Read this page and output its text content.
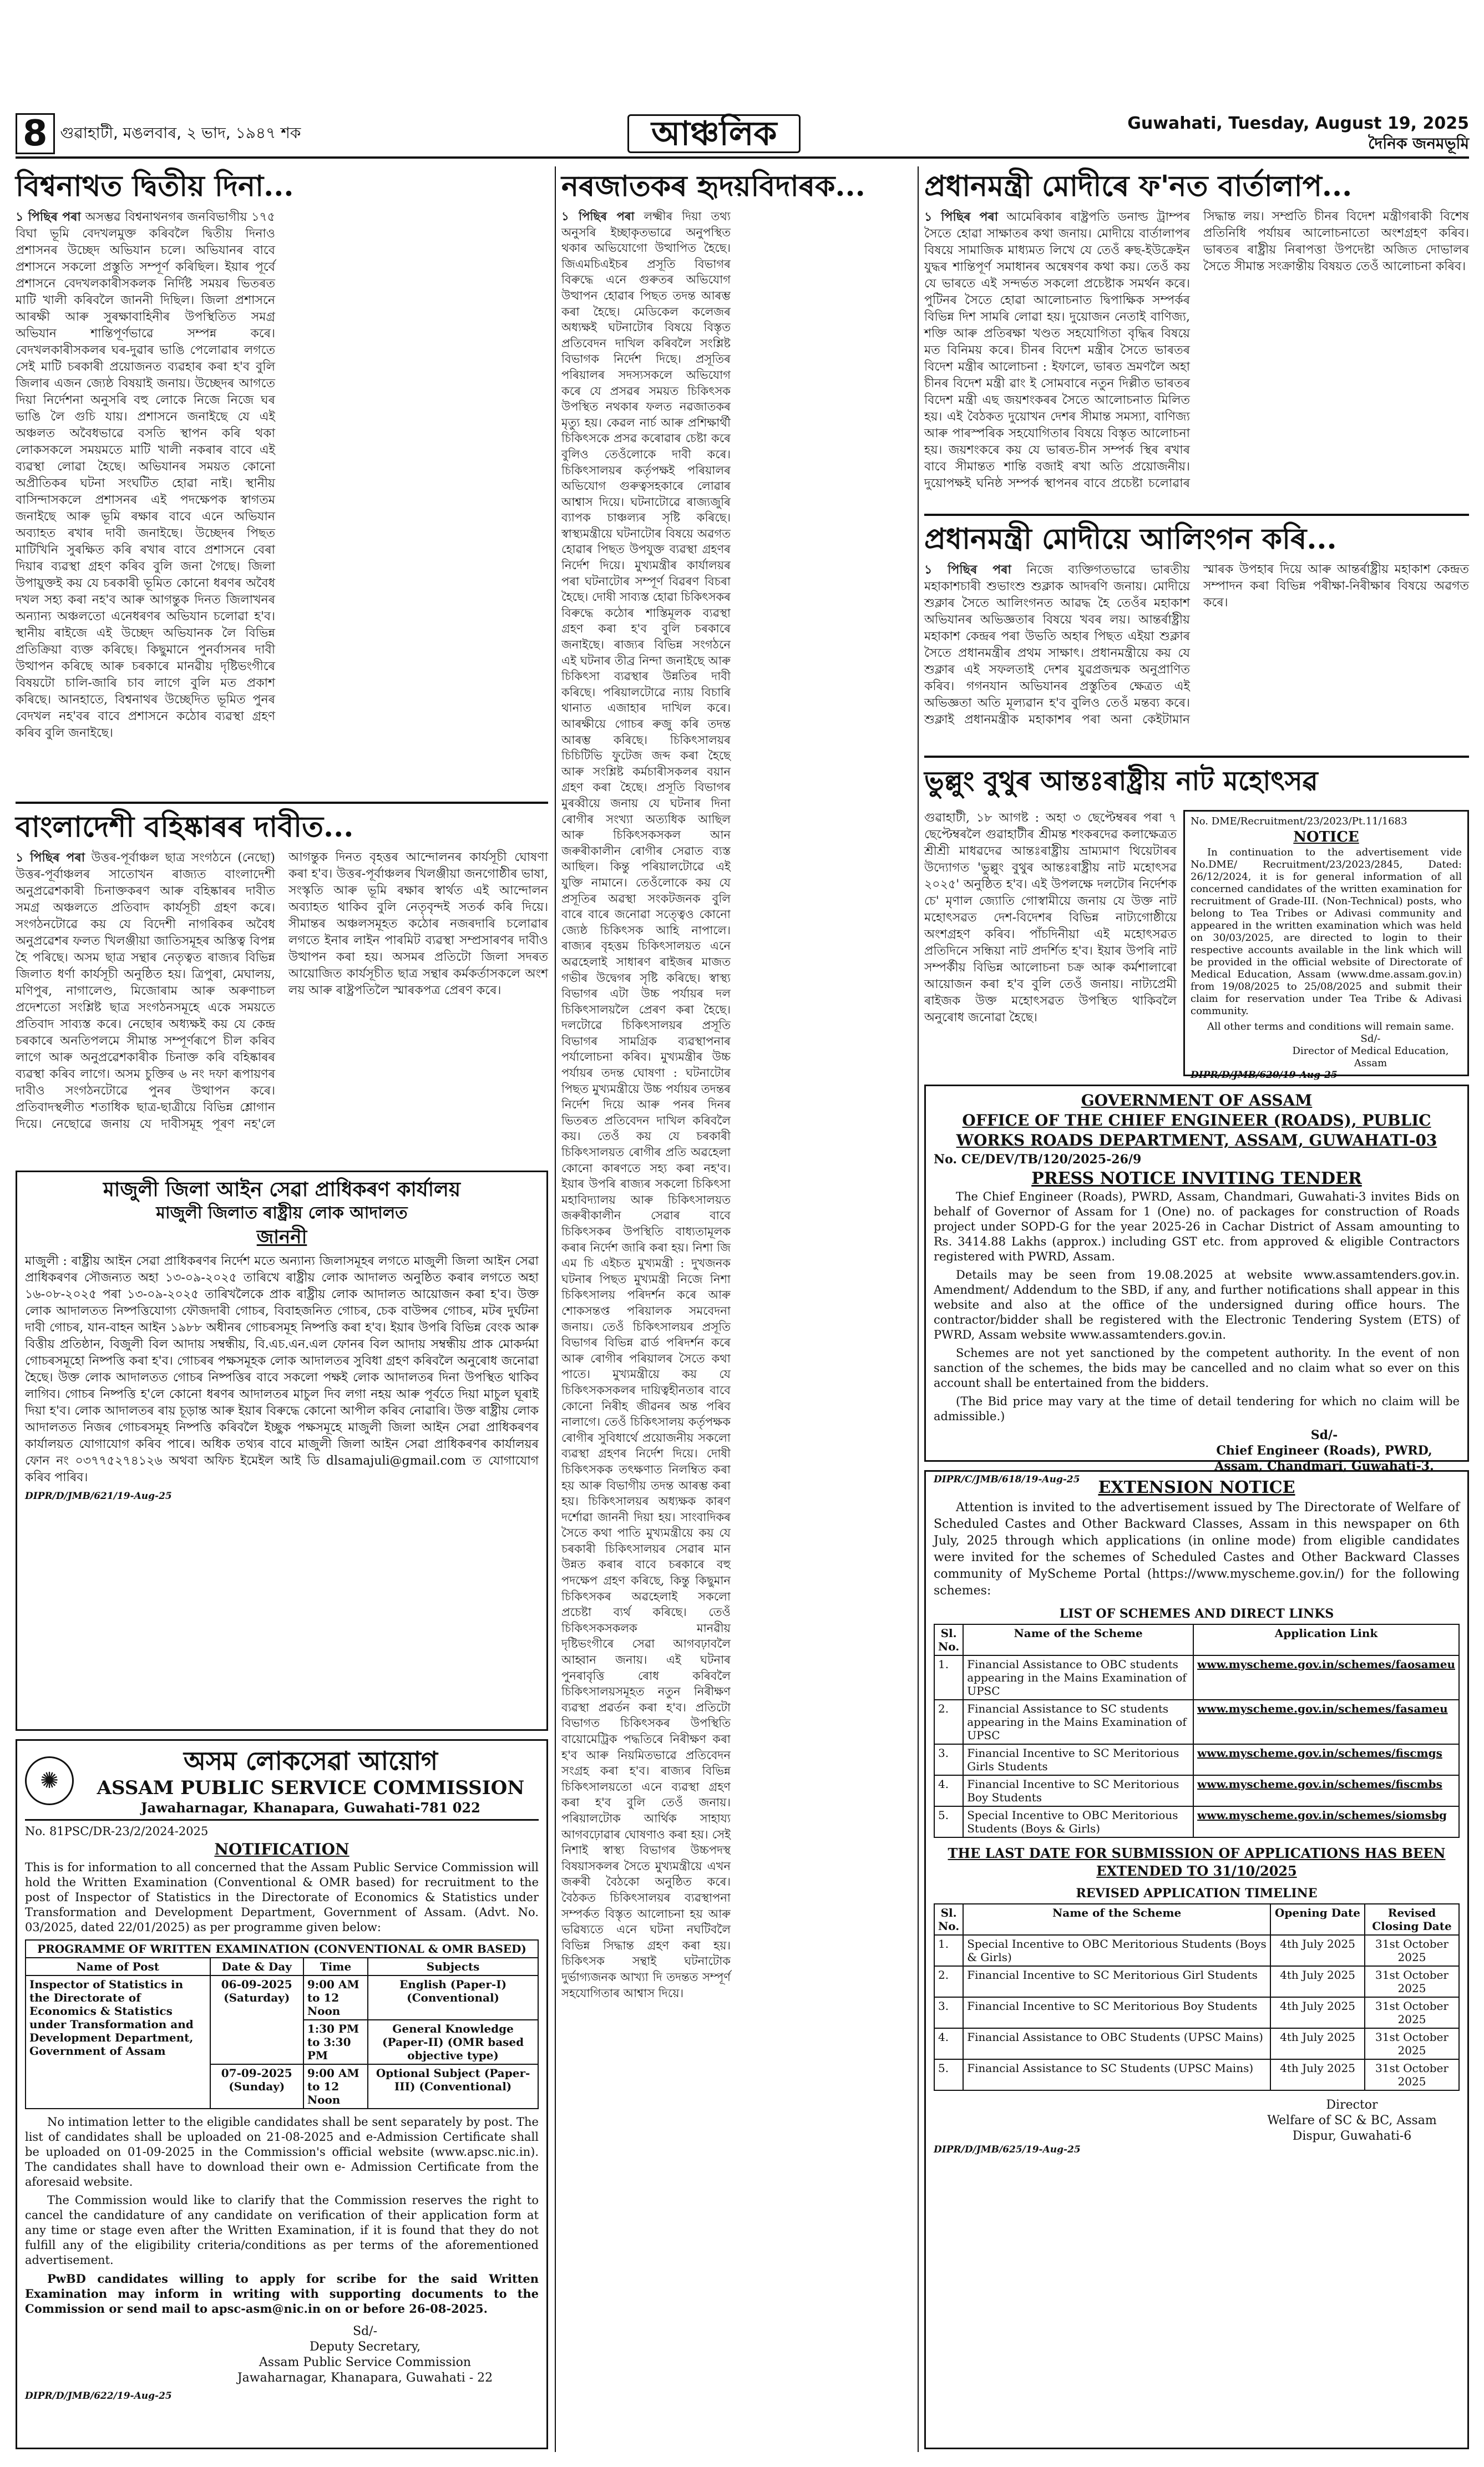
8 গুৱাহাটী, মঙলবাৰ, ২ ভাদ, ১৯৪৭ শক	আঞ্চলিক	Guwahati, Tuesday, August 19, 2025
দৈনিক জনমভূমি
বিশ্বনাথত দ্বিতীয় দিনা...
১ পিছিৰ পৰা অসম্ভৱ বিশ্বনাথনগৰ জনবিভাগীয় ১৭৫ বিঘা ভূমি বেদখলমুক্ত কৰিবলৈ দ্বিতীয় দিনাও প্ৰশাসনৰ উচ্ছেদ অভিযান চলে। অভিযানৰ বাবে প্ৰশাসনে সকলো প্ৰস্তুতি সম্পূৰ্ণ কৰিছিল। ইয়াৰ পূৰ্বে প্ৰশাসনে বেদখলকাৰীসকলক নিৰ্দিষ্ট সময়ৰ ভিতৰত মাটি খালী কৰিবলৈ জাননী দিছিল। জিলা প্ৰশাসনে আৰক্ষী আৰু সুৰক্ষাবাহিনীৰ উপস্থিতিত সমগ্ৰ অভিযান শান্তিপূৰ্ণভাৱে সম্পন্ন কৰে। বেদখলকাৰীসকলৰ ঘৰ-দুৱাৰ ভাঙি পেলোৱাৰ লগতে সেই মাটি চৰকাৰী প্ৰয়োজনত ব্যৱহাৰ কৰা হ'ব বুলি জিলাৰ এজন জ্যেষ্ঠ বিষয়াই জনায়। উচ্ছেদৰ আগতে দিয়া নিৰ্দেশনা অনুসৰি বহু লোকে নিজে নিজে ঘৰ ভাঙি লৈ গুচি যায়। প্ৰশাসনে জনাইছে যে এই অঞ্চলত অবৈধভাৱে বসতি স্থাপন কৰি থকা লোকসকলে সময়মতে মাটি খালী নকৰাৰ বাবে এই ব্যৱস্থা লোৱা হৈছে। অভিযানৰ সময়ত কোনো অপ্ৰীতিকৰ ঘটনা সংঘটিত হোৱা নাই। স্থানীয় বাসিন্দাসকলে প্ৰশাসনৰ এই পদক্ষেপক স্বাগতম জনাইছে আৰু ভূমি ৰক্ষাৰ বাবে এনে অভিযান অব্যাহত ৰখাৰ দাবী জনাইছে। উচ্ছেদৰ পিছত মাটিখিনি সুৰক্ষিত কৰি ৰখাৰ বাবে প্ৰশাসনে বেৰা দিয়াৰ ব্যৱস্থা গ্ৰহণ কৰিব বুলি জনা গৈছে। জিলা উপায়ুক্তই কয় যে চৰকাৰী ভূমিত কোনো ধৰণৰ অবৈধ দখল সহ্য কৰা নহ'ব আৰু আগন্তুক দিনত জিলাখনৰ অন্যান্য অঞ্চলতো এনেধৰণৰ অভিযান চলোৱা হ'ব। স্থানীয় ৰাইজে এই উচ্ছেদ অভিযানক লৈ বিভিন্ন প্ৰতিক্ৰিয়া ব্যক্ত কৰিছে। কিছুমানে পুনৰ্বাসনৰ দাবী উত্থাপন কৰিছে আৰু চৰকাৰে মানৱীয় দৃষ্টিভংগীৰে বিষয়টো চালি-জাৰি চাব লাগে বুলি মত প্ৰকাশ কৰিছে। আনহাতে, বিশ্বনাথৰ উচ্ছেদিত ভূমিত পুনৰ বেদখল নহ'বৰ বাবে প্ৰশাসনে কঠোৰ ব্যৱস্থা গ্ৰহণ কৰিব বুলি জনাইছে।
বাংলাদেশী বহিষ্কাৰৰ দাবীত...
১ পিছিৰ পৰা উত্তৰ-পূৰ্বাঞ্চল ছাত্ৰ সংগঠনে (নেছো) উত্তৰ-পূৰ্বাঞ্চলৰ সাতোখন ৰাজ্যত বাংলাদেশী অনুপ্ৰৱেশকাৰী চিনাক্তকৰণ আৰু বহিষ্কাৰৰ দাবীত সমগ্ৰ অঞ্চলতে প্ৰতিবাদ কাৰ্যসূচী গ্ৰহণ কৰে। সংগঠনটোৱে কয় যে বিদেশী নাগৰিকৰ অবৈধ অনুপ্ৰৱেশৰ ফলত খিলঞ্জীয়া জাতিসমূহৰ অস্তিত্ব বিপন্ন হৈ পৰিছে। অসম ছাত্ৰ সন্থাৰ নেতৃত্বত ৰাজ্যৰ বিভিন্ন জিলাত ধৰ্ণা কাৰ্যসূচী অনুষ্ঠিত হয়। ত্ৰিপুৰা, মেঘালয়, মণিপুৰ, নাগালেণ্ড, মিজোৰাম আৰু অৰুণাচল প্ৰদেশতো সংশ্লিষ্ট ছাত্ৰ সংগঠনসমূহে একে সময়তে প্ৰতিবাদ সাব্যস্ত কৰে। নেছোৰ অধ্যক্ষই কয় যে কেন্দ্ৰ চৰকাৰে অনতিপলমে সীমান্ত সম্পূৰ্ণৰূপে চীল কৰিব লাগে আৰু অনুপ্ৰৱেশকাৰীক চিনাক্ত কৰি বহিষ্কাৰৰ ব্যৱস্থা কৰিব লাগে। অসম চুক্তিৰ ৬ নং দফা ৰূপায়ণৰ দাবীও সংগঠনটোৱে পুনৰ উত্থাপন কৰে। প্ৰতিবাদস্থলীত শতাধিক ছাত্ৰ-ছাত্ৰীয়ে বিভিন্ন শ্লোগান দিয়ে। নেছোৱে জনায় যে দাবীসমূহ পূৰণ নহ'লে আগন্তুক দিনত বৃহত্তৰ আন্দোলনৰ কাৰ্যসূচী ঘোষণা কৰা হ'ব। উত্তৰ-পূৰ্বাঞ্চলৰ খিলঞ্জীয়া জনগোষ্ঠীৰ ভাষা, সংস্কৃতি আৰু ভূমি ৰক্ষাৰ স্বাৰ্থত এই আন্দোলন অব্যাহত থাকিব বুলি নেতৃবৃন্দই সতৰ্ক কৰি দিয়ে। সীমান্তৰ অঞ্চলসমূহত কঠোৰ নজৰদাৰি চলোৱাৰ লগতে ইনাৰ লাইন পাৰমিট ব্যৱস্থা সম্প্ৰসাৰণৰ দাবীও উত্থাপন কৰা হয়। অসমৰ প্ৰতিটো জিলা সদৰত আয়োজিত কাৰ্যসূচীত ছাত্ৰ সন্থাৰ কৰ্মকৰ্তাসকলে অংশ লয় আৰু ৰাষ্ট্ৰপতিলৈ স্মাৰকপত্ৰ প্ৰেৰণ কৰে।
মাজুলী জিলা আইন সেৱা প্ৰাধিকৰণ কাৰ্যালয়
মাজুলী জিলাত ৰাষ্ট্ৰীয় লোক আদালত
জাননী
মাজুলী : ৰাষ্ট্ৰীয় আইন সেৱা প্ৰাধিকৰণৰ নিৰ্দেশ মতে অন্যান্য জিলাসমূহৰ লগতে মাজুলী জিলা আইন সেৱা প্ৰাধিকৰণৰ সৌজন্যত অহা ১৩-০৯-২০২৫ তাৰিখে ৰাষ্ট্ৰীয় লোক আদালত অনুষ্ঠিত কৰাৰ লগতে অহা ১৬-০৮-২০২৫ পৰা ১৩-০৯-২০২৫ তাৰিখলৈকে প্ৰাক ৰাষ্ট্ৰীয় লোক আদালত আয়োজন কৰা হ'ব। উক্ত লোক আদালতত নিষ্পত্তিযোগ্য ফৌজদাৰী গোচৰ, বিবাহজনিত গোচৰ, চেক বাউন্সৰ গোচৰ, মটৰ দুৰ্ঘটনা দাবী গোচৰ, যান-বাহন আইন ১৯৮৮ অধীনৰ গোচৰসমূহ নিষ্পত্তি কৰা হ'ব। ইয়াৰ উপৰি বিভিন্ন বেংক আৰু বিত্তীয় প্ৰতিষ্ঠান, বিজুলী বিল আদায় সম্বন্ধীয়, বি.এচ.এন.এল ফোনৰ বিল আদায় সম্বন্ধীয় প্ৰাক মোকৰ্দমা গোচৰসমূহো নিষ্পত্তি কৰা হ'ব। গোচৰৰ পক্ষসমূহক লোক আদালতৰ সুবিধা গ্ৰহণ কৰিবলৈ অনুৰোধ জনোৱা হৈছে। উক্ত লোক আদালতত গোচৰ নিষ্পত্তিৰ বাবে সকলো পক্ষই লোক আদালতৰ দিনা উপস্থিত থাকিব লাগিব। গোচৰ নিষ্পত্তি হ'লে কোনো ধৰণৰ আদালতৰ মাচুল দিব লগা নহয় আৰু পূৰ্বতে দিয়া মাচুল ঘূৰাই দিয়া হ'ব। লোক আদালতৰ ৰায় চূড়ান্ত আৰু ইয়াৰ বিৰুদ্ধে কোনো আপীল কৰিব নোৱাৰি। উক্ত ৰাষ্ট্ৰীয় লোক আদালতত নিজৰ গোচৰসমূহ নিষ্পত্তি কৰিবলৈ ইচ্ছুক পক্ষসমূহে মাজুলী জিলা আইন সেৱা প্ৰাধিকৰণৰ কাৰ্যালয়ত যোগাযোগ কৰিব পাৰে। অধিক তথ্যৰ বাবে মাজুলী জিলা আইন সেৱা প্ৰাধিকৰণৰ কাৰ্যালয়ৰ ফোন নং ০৩৭৭৫২৭৪১২৬ অথবা অফিচ ইমেইল আই ডি dlsamajuli@gmail.com ত যোগাযোগ কৰিব পাৰিব।
DIPR/D/JMB/621/19-Aug-25
✺
অসম লোকসেৱা আয়োগ
ASSAM PUBLIC SERVICE COMMISSION
Jawaharnagar, Khanapara, Guwahati-781 022
No. 81PSC/DR-23/2/2024-2025
NOTIFICATION
This is for information to all concerned that the Assam Public Service Commission will hold the Written Examination (Conventional & OMR based) for recruitment to the post of Inspector of Statistics in the Directorate of Economics & Statistics under Transformation and Development Department, Government of Assam. (Advt. No. 03/2025, dated 22/01/2025) as per programme given below:
PROGRAMME OF WRITTEN EXAMINATION (CONVENTIONAL & OMR BASED)			
Name of Post	Date & Day	Time	Subjects
Inspector of Statistics in the Directorate of Economics & Statistics under Transformation and Development Department, Government of Assam	06-09-2025 (Saturday)	9:00 AM to 12 Noon	English (Paper-I) (Conventional)
		1:30 PM to 3:30 PM	General Knowledge (Paper-II) (OMR based objective type)
	07-09-2025 (Sunday)	9:00 AM to 12 Noon	Optional Subject (Paper-III) (Conventional)
No intimation letter to the eligible candidates shall be sent separately by post. The list of candidates shall be uploaded on 21-08-2025 and e-Admission Certificate shall be uploaded on 01-09-2025 in the Commission's official website (www.apsc.nic.in). The candidates shall have to download their own e- Admission Certificate from the aforesaid website.
The Commission would like to clarify that the Commission reserves the right to cancel the candidature of any candidate on verification of their application form at any time or stage even after the Written Examination, if it is found that they do not fulfill any of the eligibility criteria/conditions as per terms of the aforementioned advertisement.
PwBD candidates willing to apply for scribe for the said Written Examination may inform in writing with supporting documents to the Commission or send mail to apsc-asm@nic.in on or before 26-08-2025.
Sd/-
Deputy Secretary,
Assam Public Service Commission
Jawaharnagar, Khanapara, Guwahati - 22
DIPR/D/JMB/622/19-Aug-25
নৰজাতকৰ হৃদয়বিদাৰক...
১ পিছিৰ পৰা লক্ষ্মীৰ দিয়া তথ্য অনুসৰি ইচ্ছাকৃতভাৱে অনুপস্থিত থকাৰ অভিযোগো উত্থাপিত হৈছে। জিএমচিএইচৰ প্ৰসূতি বিভাগৰ বিৰুদ্ধে এনে গুৰুতৰ অভিযোগ উত্থাপন হোৱাৰ পিছত তদন্ত আৰম্ভ কৰা হৈছে। মেডিকেল কলেজৰ অধ্যক্ষই ঘটনাটোৰ বিষয়ে বিস্তৃত প্ৰতিবেদন দাখিল কৰিবলৈ সংশ্লিষ্ট বিভাগক নিৰ্দেশ দিছে। প্ৰসূতিৰ পৰিয়ালৰ সদস্যসকলে অভিযোগ কৰে যে প্ৰসৱৰ সময়ত চিকিৎসক উপস্থিত নথকাৰ ফলত নৱজাতকৰ মৃত্যু হয়। কেৱল নাৰ্চ আৰু প্ৰশিক্ষাৰ্থী চিকিৎসকে প্ৰসৱ কৰোৱাৰ চেষ্টা কৰে বুলিও তেওঁলোকে দাবী কৰে। চিকিৎসালয়ৰ কৰ্তৃপক্ষই পৰিয়ালৰ অভিযোগ গুৰুত্বসহকাৰে লোৱাৰ আশ্বাস দিয়ে। ঘটনাটোৱে ৰাজ্যজুৰি ব্যাপক চাঞ্চল্যৰ সৃষ্টি কৰিছে। স্বাস্থ্যমন্ত্ৰীয়ে ঘটনাটোৰ বিষয়ে অৱগত হোৱাৰ পিছত উপযুক্ত ব্যৱস্থা গ্ৰহণৰ নিৰ্দেশ দিয়ে। মুখ্যমন্ত্ৰীৰ কাৰ্যালয়ৰ পৰা ঘটনাটোৰ সম্পূৰ্ণ বিৱৰণ বিচৰা হৈছে। দোষী সাব্যস্ত হোৱা চিকিৎসকৰ বিৰুদ্ধে কঠোৰ শাস্তিমূলক ব্যৱস্থা গ্ৰহণ কৰা হ'ব বুলি চৰকাৰে জনাইছে। ৰাজ্যৰ বিভিন্ন সংগঠনে এই ঘটনাৰ তীব্ৰ নিন্দা জনাইছে আৰু চিকিৎসা ব্যৱস্থাৰ উন্নতিৰ দাবী কৰিছে। পৰিয়ালটোৱে ন্যায় বিচাৰি থানাত এজাহাৰ দাখিল কৰে। আৰক্ষীয়ে গোচৰ ৰুজু কৰি তদন্ত আৰম্ভ কৰিছে। চিকিৎসালয়ৰ চিচিটিভি ফুটেজ জব্দ কৰা হৈছে আৰু সংশ্লিষ্ট কৰ্মচাৰীসকলৰ বয়ান গ্ৰহণ কৰা হৈছে। প্ৰসূতি বিভাগৰ মুৰব্বীয়ে জনায় যে ঘটনাৰ দিনা ৰোগীৰ সংখ্যা অত্যধিক আছিল আৰু চিকিৎসকসকল আন জৰুৰীকালীন ৰোগীৰ সেৱাত ব্যস্ত আছিল। কিন্তু পৰিয়ালটোৱে এই যুক্তি নামানে। তেওঁলোকে কয় যে প্ৰসূতিৰ অৱস্থা সংকটজনক বুলি বাৰে বাৰে জনোৱা সত্ত্বেও কোনো জ্যেষ্ঠ চিকিৎসক আহি নাপালে। ৰাজ্যৰ বৃহত্তম চিকিৎসালয়ত এনে অৱহেলাই সাধাৰণ ৰাইজৰ মাজত গভীৰ উদ্বেগৰ সৃষ্টি কৰিছে। স্বাস্থ্য বিভাগৰ এটা উচ্চ পৰ্যায়ৰ দল চিকিৎসালয়লৈ প্ৰেৰণ কৰা হৈছে। দলটোৱে চিকিৎসালয়ৰ প্ৰসূতি বিভাগৰ সামগ্ৰিক ব্যৱস্থাপনাৰ পৰ্যালোচনা কৰিব। মুখ্যমন্ত্ৰীৰ উচ্চ পৰ্যায়ৰ তদন্ত ঘোষণা : ঘটনাটোৰ পিছত মুখ্যমন্ত্ৰীয়ে উচ্চ পৰ্যায়ৰ তদন্তৰ নিৰ্দেশ দিয়ে আৰু পনৰ দিনৰ ভিতৰত প্ৰতিবেদন দাখিল কৰিবলৈ কয়। তেওঁ কয় যে চৰকাৰী চিকিৎসালয়ত ৰোগীৰ প্ৰতি অৱহেলা কোনো কাৰণতে সহ্য কৰা নহ'ব। ইয়াৰ উপৰি ৰাজ্যৰ সকলো চিকিৎসা মহাবিদ্যালয় আৰু চিকিৎসালয়ত জৰুৰীকালীন সেৱাৰ বাবে চিকিৎসকৰ উপস্থিতি বাধ্যতামূলক কৰাৰ নিৰ্দেশ জাৰি কৰা হয়। নিশা জি এম চি এইচত মুখ্যমন্ত্ৰী : দুখজনক ঘটনাৰ পিছত মুখ্যমন্ত্ৰী নিজে নিশা চিকিৎসালয় পৰিদৰ্শন কৰে আৰু শোকসন্তপ্ত পৰিয়ালক সমবেদনা জনায়। তেওঁ চিকিৎসালয়ৰ প্ৰসূতি বিভাগৰ বিভিন্ন ৱাৰ্ড পৰিদৰ্শন কৰে আৰু ৰোগীৰ পৰিয়ালৰ সৈতে কথা পাতে। মুখ্যমন্ত্ৰীয়ে কয় যে চিকিৎসকসকলৰ দায়িত্বহীনতাৰ বাবে কোনো নিৰীহ জীৱনৰ অন্ত পৰিব নালাগে। তেওঁ চিকিৎসালয় কৰ্তৃপক্ষক ৰোগীৰ সুবিধাৰ্থে প্ৰয়োজনীয় সকলো ব্যৱস্থা গ্ৰহণৰ নিৰ্দেশ দিয়ে। দোষী চিকিৎসকক তৎক্ষণাত নিলম্বিত কৰা হয় আৰু বিভাগীয় তদন্ত আৰম্ভ কৰা হয়। চিকিৎসালয়ৰ অধ্যক্ষক কাৰণ দৰ্শোৱা জাননী দিয়া হয়। সাংবাদিকৰ সৈতে কথা পাতি মুখ্যমন্ত্ৰীয়ে কয় যে চৰকাৰী চিকিৎসালয়ৰ সেৱাৰ মান উন্নত কৰাৰ বাবে চৰকাৰে বহু পদক্ষেপ গ্ৰহণ কৰিছে, কিন্তু কিছুমান চিকিৎসকৰ অৱহেলাই সকলো প্ৰচেষ্টা ব্যৰ্থ কৰিছে। তেওঁ চিকিৎসকসকলক মানৱীয় দৃষ্টিভংগীৰে সেৱা আগবঢ়াবলৈ আহ্বান জনায়। এই ঘটনাৰ পুনৰাবৃত্তি ৰোধ কৰিবলৈ চিকিৎসালয়সমূহত নতুন নিৰীক্ষণ ব্যৱস্থা প্ৰৱৰ্তন কৰা হ'ব। প্ৰতিটো বিভাগত চিকিৎসকৰ উপস্থিতি বায়োমেট্ৰিক পদ্ধতিৰে নিৰীক্ষণ কৰা হ'ব আৰু নিয়মিতভাৱে প্ৰতিবেদন সংগ্ৰহ কৰা হ'ব। ৰাজ্যৰ বিভিন্ন চিকিৎসালয়তো এনে ব্যৱস্থা গ্ৰহণ কৰা হ'ব বুলি তেওঁ জনায়। পৰিয়ালটোক আৰ্থিক সাহায্য আগবঢ়োৱাৰ ঘোষণাও কৰা হয়। সেই নিশাই স্বাস্থ্য বিভাগৰ উচ্চপদস্থ বিষয়াসকলৰ সৈতে মুখ্যমন্ত্ৰীয়ে এখন জৰুৰী বৈঠকো অনুষ্ঠিত কৰে। বৈঠকত চিকিৎসালয়ৰ ব্যৱস্থাপনা সম্পৰ্কত বিস্তৃত আলোচনা হয় আৰু ভৱিষ্যতে এনে ঘটনা নঘটিবলৈ বিভিন্ন সিদ্ধান্ত গ্ৰহণ কৰা হয়। চিকিৎসক সন্থাই ঘটনাটোক দুৰ্ভাগ্যজনক আখ্যা দি তদন্তত সম্পূৰ্ণ সহযোগিতাৰ আশ্বাস দিয়ে।
প্ৰধানমন্ত্ৰী মোদীৰে ফ'নত বাৰ্তালাপ...
১ পিছিৰ পৰা আমেৰিকাৰ ৰাষ্ট্ৰপতি ডনাল্ড ট্ৰাম্পৰ সৈতে হোৱা সাক্ষাতৰ কথা জনায়। মোদীয়ে বাৰ্তালাপৰ বিষয়ে সামাজিক মাধ্যমত লিখে যে তেওঁ ৰুছ-ইউক্ৰেইন যুদ্ধৰ শান্তিপূৰ্ণ সমাধানৰ অন্বেষণৰ কথা কয়। তেওঁ কয় যে ভাৰতে এই সন্দৰ্ভত সকলো প্ৰচেষ্টাক সমৰ্থন কৰে। পুটিনৰ সৈতে হোৱা আলোচনাত দ্বিপাক্ষিক সম্পৰ্কৰ বিভিন্ন দিশ সামৰি লোৱা হয়। দুয়োজন নেতাই বাণিজ্য, শক্তি আৰু প্ৰতিৰক্ষা খণ্ডত সহযোগিতা বৃদ্ধিৰ বিষয়ে মত বিনিময় কৰে। চীনৰ বিদেশ মন্ত্ৰীৰ সৈতে ভাৰতৰ বিদেশ মন্ত্ৰীৰ আলোচনা : ইফালে, ভাৰত ভ্ৰমণলৈ অহা চীনৰ বিদেশ মন্ত্ৰী ৱাং ই সোমবাৰে নতুন দিল্লীত ভাৰতৰ বিদেশ মন্ত্ৰী এছ জয়শংকৰৰ সৈতে আলোচনাত মিলিত হয়। এই বৈঠকত দুয়োখন দেশৰ সীমান্ত সমস্যা, বাণিজ্য আৰু পাৰস্পৰিক সহযোগিতাৰ বিষয়ে বিস্তৃত আলোচনা হয়। জয়শংকৰে কয় যে ভাৰত-চীন সম্পৰ্ক স্থিৰ ৰখাৰ বাবে সীমান্তত শান্তি বজাই ৰখা অতি প্ৰয়োজনীয়। দুয়োপক্ষই ঘনিষ্ঠ সম্পৰ্ক স্থাপনৰ বাবে প্ৰচেষ্টা চলোৱাৰ সিদ্ধান্ত লয়। সম্প্ৰতি চীনৰ বিদেশ মন্ত্ৰীগৰাকী বিশেষ প্ৰতিনিধি পৰ্যায়ৰ আলোচনাতো অংশগ্ৰহণ কৰিব। ভাৰতৰ ৰাষ্ট্ৰীয় নিৰাপত্তা উপদেষ্টা অজিত দোভালৰ সৈতে সীমান্ত সংক্ৰান্তীয় বিষয়ত তেওঁ আলোচনা কৰিব।
প্ৰধানমন্ত্ৰী মোদীয়ে আলিংগন কৰি...
১ পিছিৰ পৰা নিজে ব্যক্তিগতভাৱে ভাৰতীয় মহাকাশচাৰী শুভাংশু শুক্লাক আদৰণি জনায়। মোদীয়ে শুক্লাৰ সৈতে আলিংগনত আৱদ্ধ হৈ তেওঁৰ মহাকাশ অভিযানৰ অভিজ্ঞতাৰ বিষয়ে খবৰ লয়। আন্তৰ্ৰাষ্ট্ৰীয় মহাকাশ কেন্দ্ৰৰ পৰা উভতি অহাৰ পিছত এইয়া শুক্লাৰ সৈতে প্ৰধানমন্ত্ৰীৰ প্ৰথম সাক্ষাৎ। প্ৰধানমন্ত্ৰীয়ে কয় যে শুক্লাৰ এই সফলতাই দেশৰ যুৱপ্ৰজন্মক অনুপ্ৰাণিত কৰিব। গগনযান অভিযানৰ প্ৰস্তুতিৰ ক্ষেত্ৰত এই অভিজ্ঞতা অতি মূল্যৱান হ'ব বুলিও তেওঁ মন্তব্য কৰে। শুক্লাই প্ৰধানমন্ত্ৰীক মহাকাশৰ পৰা অনা কেইটামান স্মাৰক উপহাৰ দিয়ে আৰু আন্তৰ্ৰাষ্ট্ৰীয় মহাকাশ কেন্দ্ৰত সম্পাদন কৰা বিভিন্ন পৰীক্ষা-নিৰীক্ষাৰ বিষয়ে অৱগত কৰে।
ভুল্লুং বুথুৰ আন্তঃৰাষ্ট্ৰীয় নাট মহোৎসৱ
গুৱাহাটী, ১৮ আগষ্ট : অহা ৩ ছেপ্টেম্বৰৰ পৰা ৭ ছেপ্টেম্বৰলৈ গুৱাহাটীৰ শ্ৰীমন্ত শংকৰদেৱ কলাক্ষেত্ৰত শ্ৰীশ্ৰী মাধৱদেৱ আন্তঃৰাষ্ট্ৰীয় ভ্ৰাম্যমাণ থিয়েটাৰৰ উদ্যোগত 'ভুল্লুং বুথুৰ আন্তঃৰাষ্ট্ৰীয় নাট মহোৎসৱ ২০২৫' অনুষ্ঠিত হ'ব। এই উপলক্ষে দলটোৰ নিৰ্দেশক চে' মৃণাল জ্যোতি গোস্বামীয়ে জনায় যে উক্ত নাট মহোৎসৱত দেশ-বিদেশৰ বিভিন্ন নাট্যগোষ্ঠীয়ে অংশগ্ৰহণ কৰিব। পাঁচদিনীয়া এই মহোৎসৱত প্ৰতিদিনে সন্ধিয়া নাট প্ৰদৰ্শিত হ'ব। ইয়াৰ উপৰি নাট সম্পৰ্কীয় বিভিন্ন আলোচনা চক্ৰ আৰু কৰ্মশালাৰো আয়োজন কৰা হ'ব বুলি তেওঁ জনায়। নাট্যপ্ৰেমী ৰাইজক উক্ত মহোৎসৱত উপস্থিত থাকিবলৈ অনুৰোধ জনোৱা হৈছে।
No. DME/Recruitment/23/2023/Pt.11/1683
NOTICE
In continuation to the advertisement vide No.DME/ Recruitment/23/2023/2845, Dated: 26/12/2024, it is for general information of all concerned candidates of the written examination for recruitment of Grade-III. (Non-Technical) posts, who belong to Tea Tribes or Adivasi community and appeared in the written examination which was held on 30/03/2025, are directed to login to their respective accounts available in the link which will be provided in the official website of Directorate of Medical Education, Assam (www.dme.assam.gov.in) from 19/08/2025 to 25/08/2025 and submit their claim for reservation under Tea Tribe & Adivasi community.
All other terms and conditions will remain same.
Sd/-
Director of Medical Education,
Assam
DIPR/D/JMB/620/19-Aug-25
GOVERNMENT OF ASSAM
OFFICE OF THE CHIEF ENGINEER (ROADS), PUBLIC WORKS ROADS DEPARTMENT, ASSAM, GUWAHATI-03
No. CE/DEV/TB/120/2025-26/9
PRESS NOTICE INVITING TENDER
The Chief Engineer (Roads), PWRD, Assam, Chandmari, Guwahati-3 invites Bids on behalf of Governor of Assam for 1 (One) no. of packages for construction of Roads project under SOPD-G for the year 2025-26 in Cachar District of Assam amounting to Rs. 3414.88 Lakhs (approx.) including GST etc. from approved & eligible Contractors registered with PWRD, Assam.
Details may be seen from 19.08.2025 at website www.assamtenders.gov.in. Amendment/ Addendum to the SBD, if any, and further notifications shall appear in this website and also at the office of the undersigned during office hours. The contractor/bidder shall be registered with the Electronic Tendering System (ETS) of PWRD, Assam website www.assamtenders.gov.in.
Schemes are not yet sanctioned by the competent authority. In the event of non sanction of the schemes, the bids may be cancelled and no claim what so ever on this account shall be entertained from the bidders.
(The Bid price may vary at the time of detail tendering for which no claim will be admissible.)
Sd/-
Chief Engineer (Roads), PWRD,
Assam, Chandmari, Guwahati-3.
DIPR/C/JMB/618/19-Aug-25	EXTENSION NOTICE
Attention is invited to the advertisement issued by The Directorate of Welfare of Scheduled Castes and Other Backward Classes, Assam in this newspaper on 6th July, 2025 through which applications (in online mode) from eligible candidates were invited for the schemes of Scheduled Castes and Other Backward Classes community of MyScheme Portal (https://www.myscheme.gov.in/) for the following schemes:
LIST OF SCHEMES AND DIRECT LINKS
Sl. No.	Name of the Scheme	Application Link
1.	Financial Assistance to OBC students appearing in the Mains Examination of UPSC	www.myscheme.gov.in/schemes/faosameu
2.	Financial Assistance to SC students appearing in the Mains Examination of UPSC	www.myscheme.gov.in/schemes/fasameu
3.	Financial Incentive to SC Meritorious Girls Students	www.myscheme.gov.in/schemes/fiscmgs
4.	Financial Incentive to SC Meritorious Boy Students	www.myscheme.gov.in/schemes/fiscmbs
5.	Special Incentive to OBC Meritorious Students (Boys & Girls)	www.myscheme.gov.in/schemes/siomsbg
THE LAST DATE FOR SUBMISSION OF APPLICATIONS HAS BEEN EXTENDED TO 31/10/2025
REVISED APPLICATION TIMELINE
Sl. No.	Name of the Scheme	Opening Date	Revised Closing Date
1.	Special Incentive to OBC Meritorious Students (Boys & Girls)	4th July 2025	31st October 2025
2.	Financial Incentive to SC Meritorious Girl Students	4th July 2025	31st October 2025
3.	Financial Incentive to SC Meritorious Boy Students	4th July 2025	31st October 2025
4.	Financial Assistance to OBC Students (UPSC Mains)	4th July 2025	31st October 2025
5.	Financial Assistance to SC Students (UPSC Mains)	4th July 2025	31st October 2025
Director
Welfare of SC & BC, Assam
Dispur, Guwahati-6
DIPR/D/JMB/625/19-Aug-25
